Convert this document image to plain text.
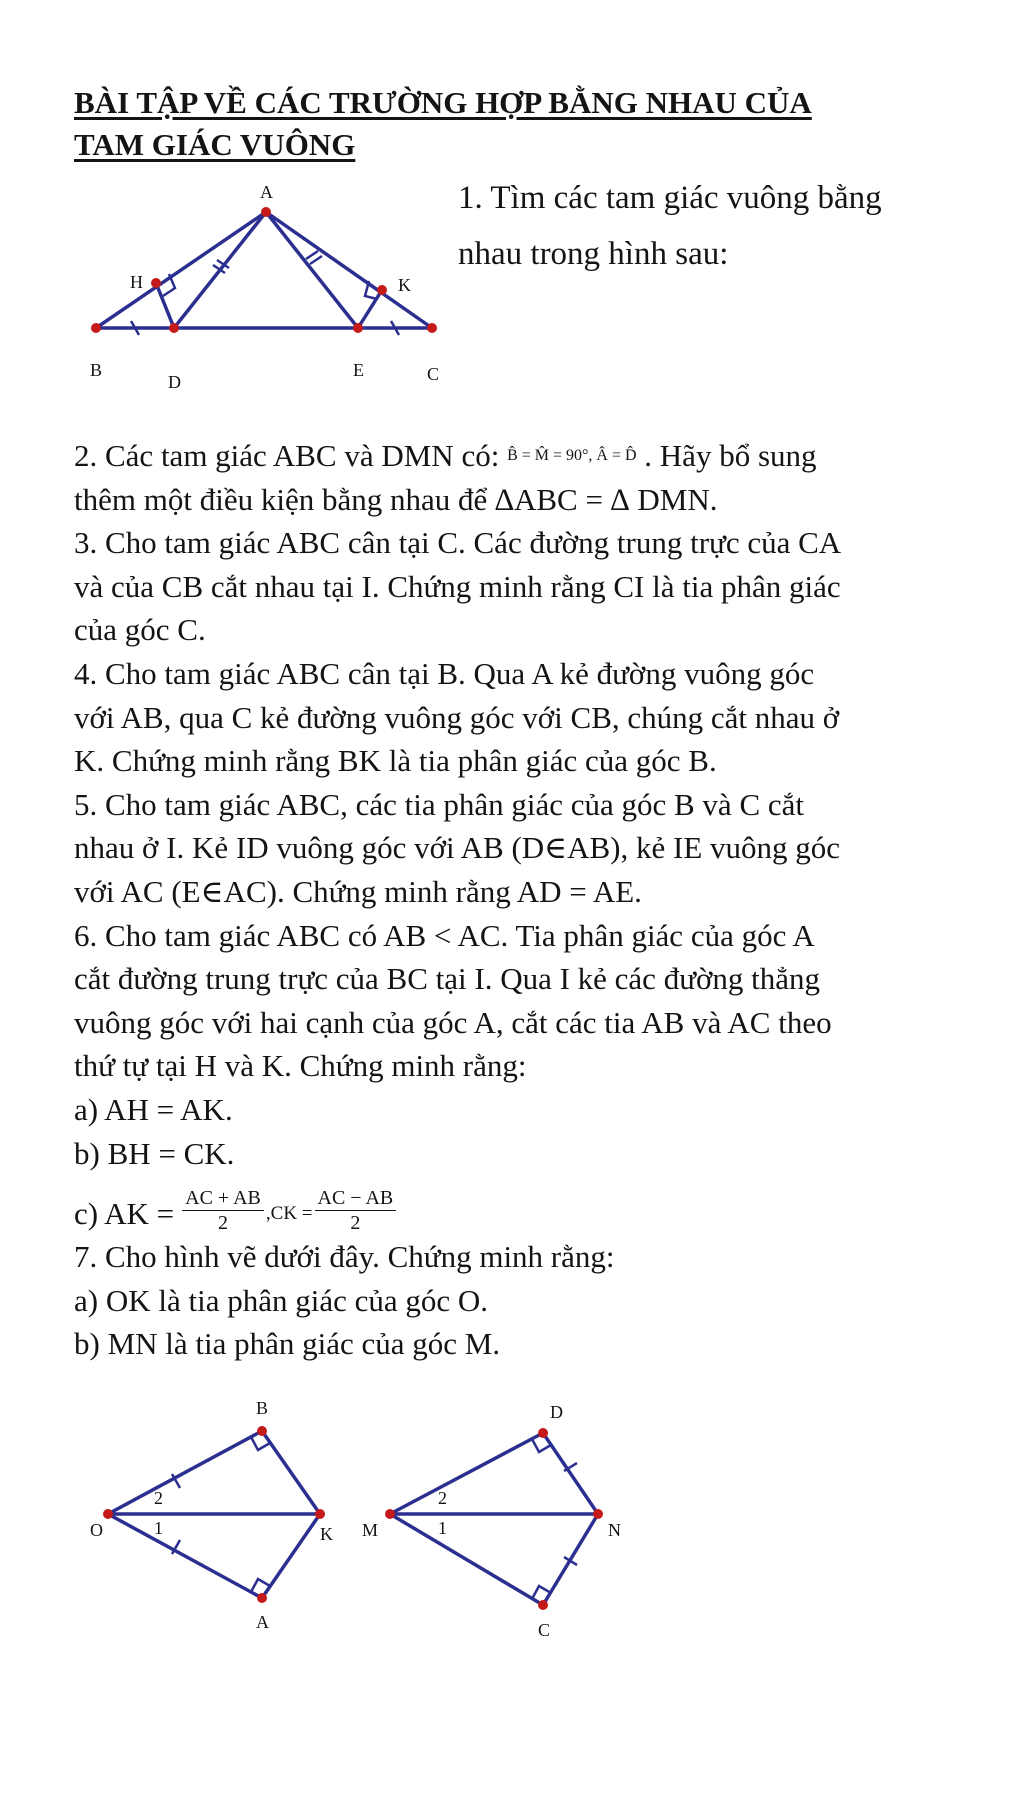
BÀI TẬP VỀ CÁC TRƯỜNG HỢP BẰNG NHAU CỦA
TAM GIÁC VUÔNG
A
H	K
B
D
E	C
1. Tìm các tam giác vuông bằng
nhau trong hình sau:
2. Các tam giác ABC và DMN có: B̂ = M̂ = 90°, Â = D̂ . Hãy bổ sung
thêm một điều kiện bằng nhau để ∆ABC = ∆ DMN.
3. Cho tam giác ABC cân tại C. Các đường trung trực của CA
và của CB cắt nhau tại I. Chứng minh rằng CI là tia phân giác
của góc C.
4. Cho tam giác ABC cân tại B. Qua A kẻ đường vuông góc
với AB, qua C kẻ đường vuông góc với CB, chúng cắt nhau ở
K. Chứng minh rằng BK là tia phân giác của góc B.
5. Cho tam giác ABC, các tia phân giác của góc B và C cắt
nhau ở I. Kẻ ID vuông góc với AB (D∈AB), kẻ IE vuông góc
với AC (E∈AC). Chứng minh rằng AD = AE.
6. Cho tam giác ABC có AB < AC. Tia phân giác của góc A
cắt đường trung trực của BC tại I. Qua I kẻ các đường thẳng
vuông góc với hai cạnh của góc A, cắt các tia AB và AC theo
thứ tự tại H và K. Chứng minh rằng:
a) AH = AK.
b) BH = CK.
c) AK = $\frac{AC + AB}{2} ,CK = \frac{AC - AB}{2}$
7. Cho hình vẽ dưới đây. Chứng minh rằng:
a) OK là tia phân giác của góc O.
b) MN là tia phân giác của góc M.
B
O	K
A
2
1
D
M	N
C
2
1
